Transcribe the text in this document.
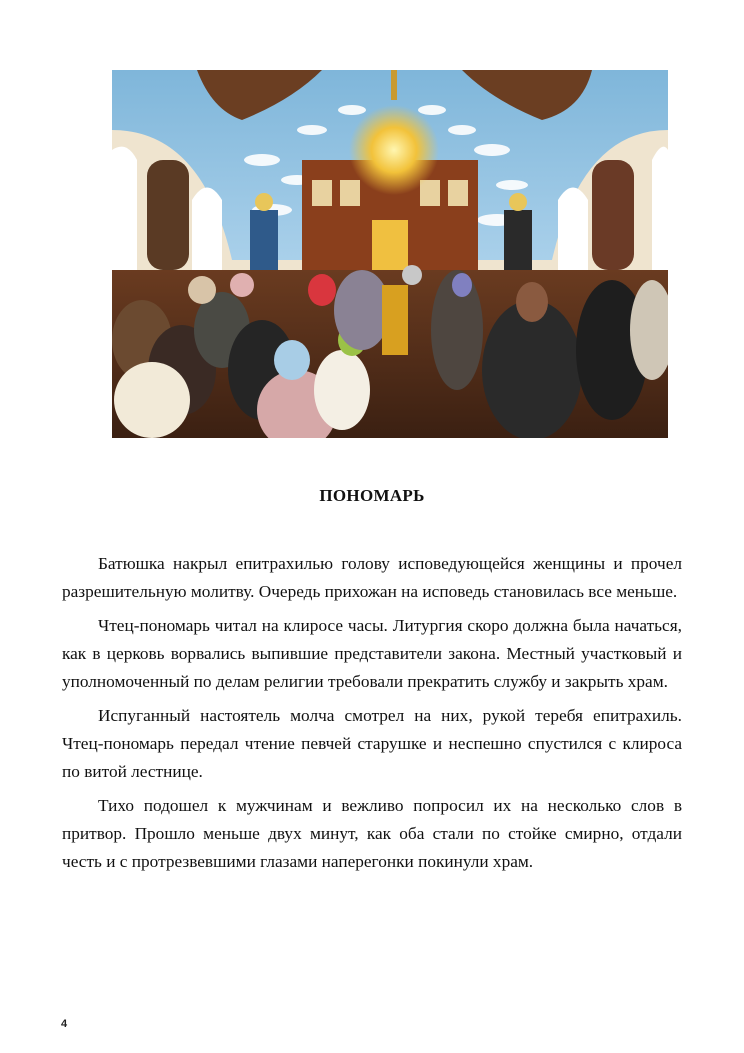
ПОНОМАРЬ

Батюшка накрыл епитрахилью голову исповедующейся женщины и прочел разрешительную молитву. Очередь прихожан на исповедь становилась все меньше.

Чтец-пономарь читал на клиросе часы. Литургия скоро должна была начаться, как в церковь ворвались выпившие представители закона. Местный участковый и уполномоченный по делам религии требовали прекратить службу и закрыть храм.

Испуганный настоятель молча смотрел на них, рукой теребя епитрахиль. Чтец-пономарь передал чтение певчей старушке и неспешно спустился с клироса по витой лестнице.

Тихо подошел к мужчинам и вежливо попросил их на несколько слов в притвор. Прошло меньше двух минут, как оба стали по стойке смирно, отдали честь и с протрезвевшими глазами наперегонки покинули храм.

4
